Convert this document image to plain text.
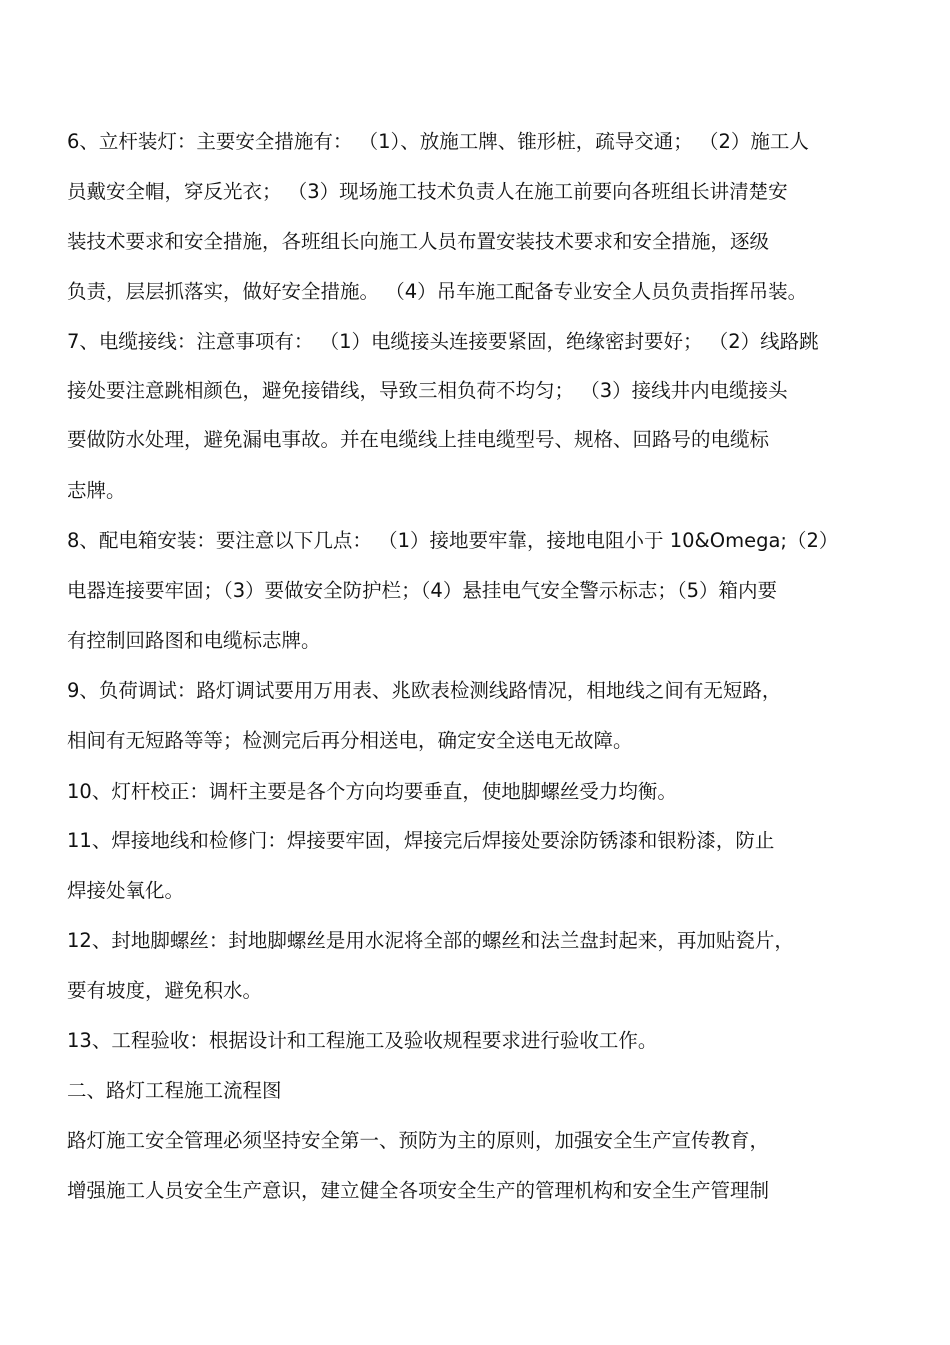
6、立杆装灯：主要安全措施有： （1）、放施工牌、锥形桩，疏导交通； （2）施工人
员戴安全帽，穿反光衣； （3）现场施工技术负责人在施工前要向各班组长讲清楚安
装技术要求和安全措施，各班组长向施工人员布置安装技术要求和安全措施，逐级
负责，层层抓落实，做好安全措施。 （4）吊车施工配备专业安全人员负责指挥吊装。
7、电缆接线：注意事项有： （1）电缆接头连接要紧固，绝缘密封要好； （2）线路跳
接处要注意跳相颜色，避免接错线，导致三相负荷不均匀； （3）接线井内电缆接头
要做防水处理，避免漏电事故。并在电缆线上挂电缆型号、规格、回路号的电缆标
志牌。
8、配电箱安装：要注意以下几点： （1）接地要牢靠，接地电阻小于 10&Omega;（2）
电器连接要牢固；（3）要做安全防护栏；（4）悬挂电气安全警示标志；（5）箱内要
有控制回路图和电缆标志牌。
9、负荷调试：路灯调试要用万用表、兆欧表检测线路情况，相地线之间有无短路，
相间有无短路等等；检测完后再分相送电，确定安全送电无故障。
10、灯杆校正：调杆主要是各个方向均要垂直，使地脚螺丝受力均衡。
11、焊接地线和检修门：焊接要牢固，焊接完后焊接处要涂防锈漆和银粉漆，防止
焊接处氧化。
12、封地脚螺丝：封地脚螺丝是用水泥将全部的螺丝和法兰盘封起来，再加贴瓷片，
要有坡度，避免积水。
13、工程验收：根据设计和工程施工及验收规程要求进行验收工作。
二、路灯工程施工流程图
路灯施工安全管理必须坚持安全第一、预防为主的原则，加强安全生产宣传教育，
增强施工人员安全生产意识，建立健全各项安全生产的管理机构和安全生产管理制
